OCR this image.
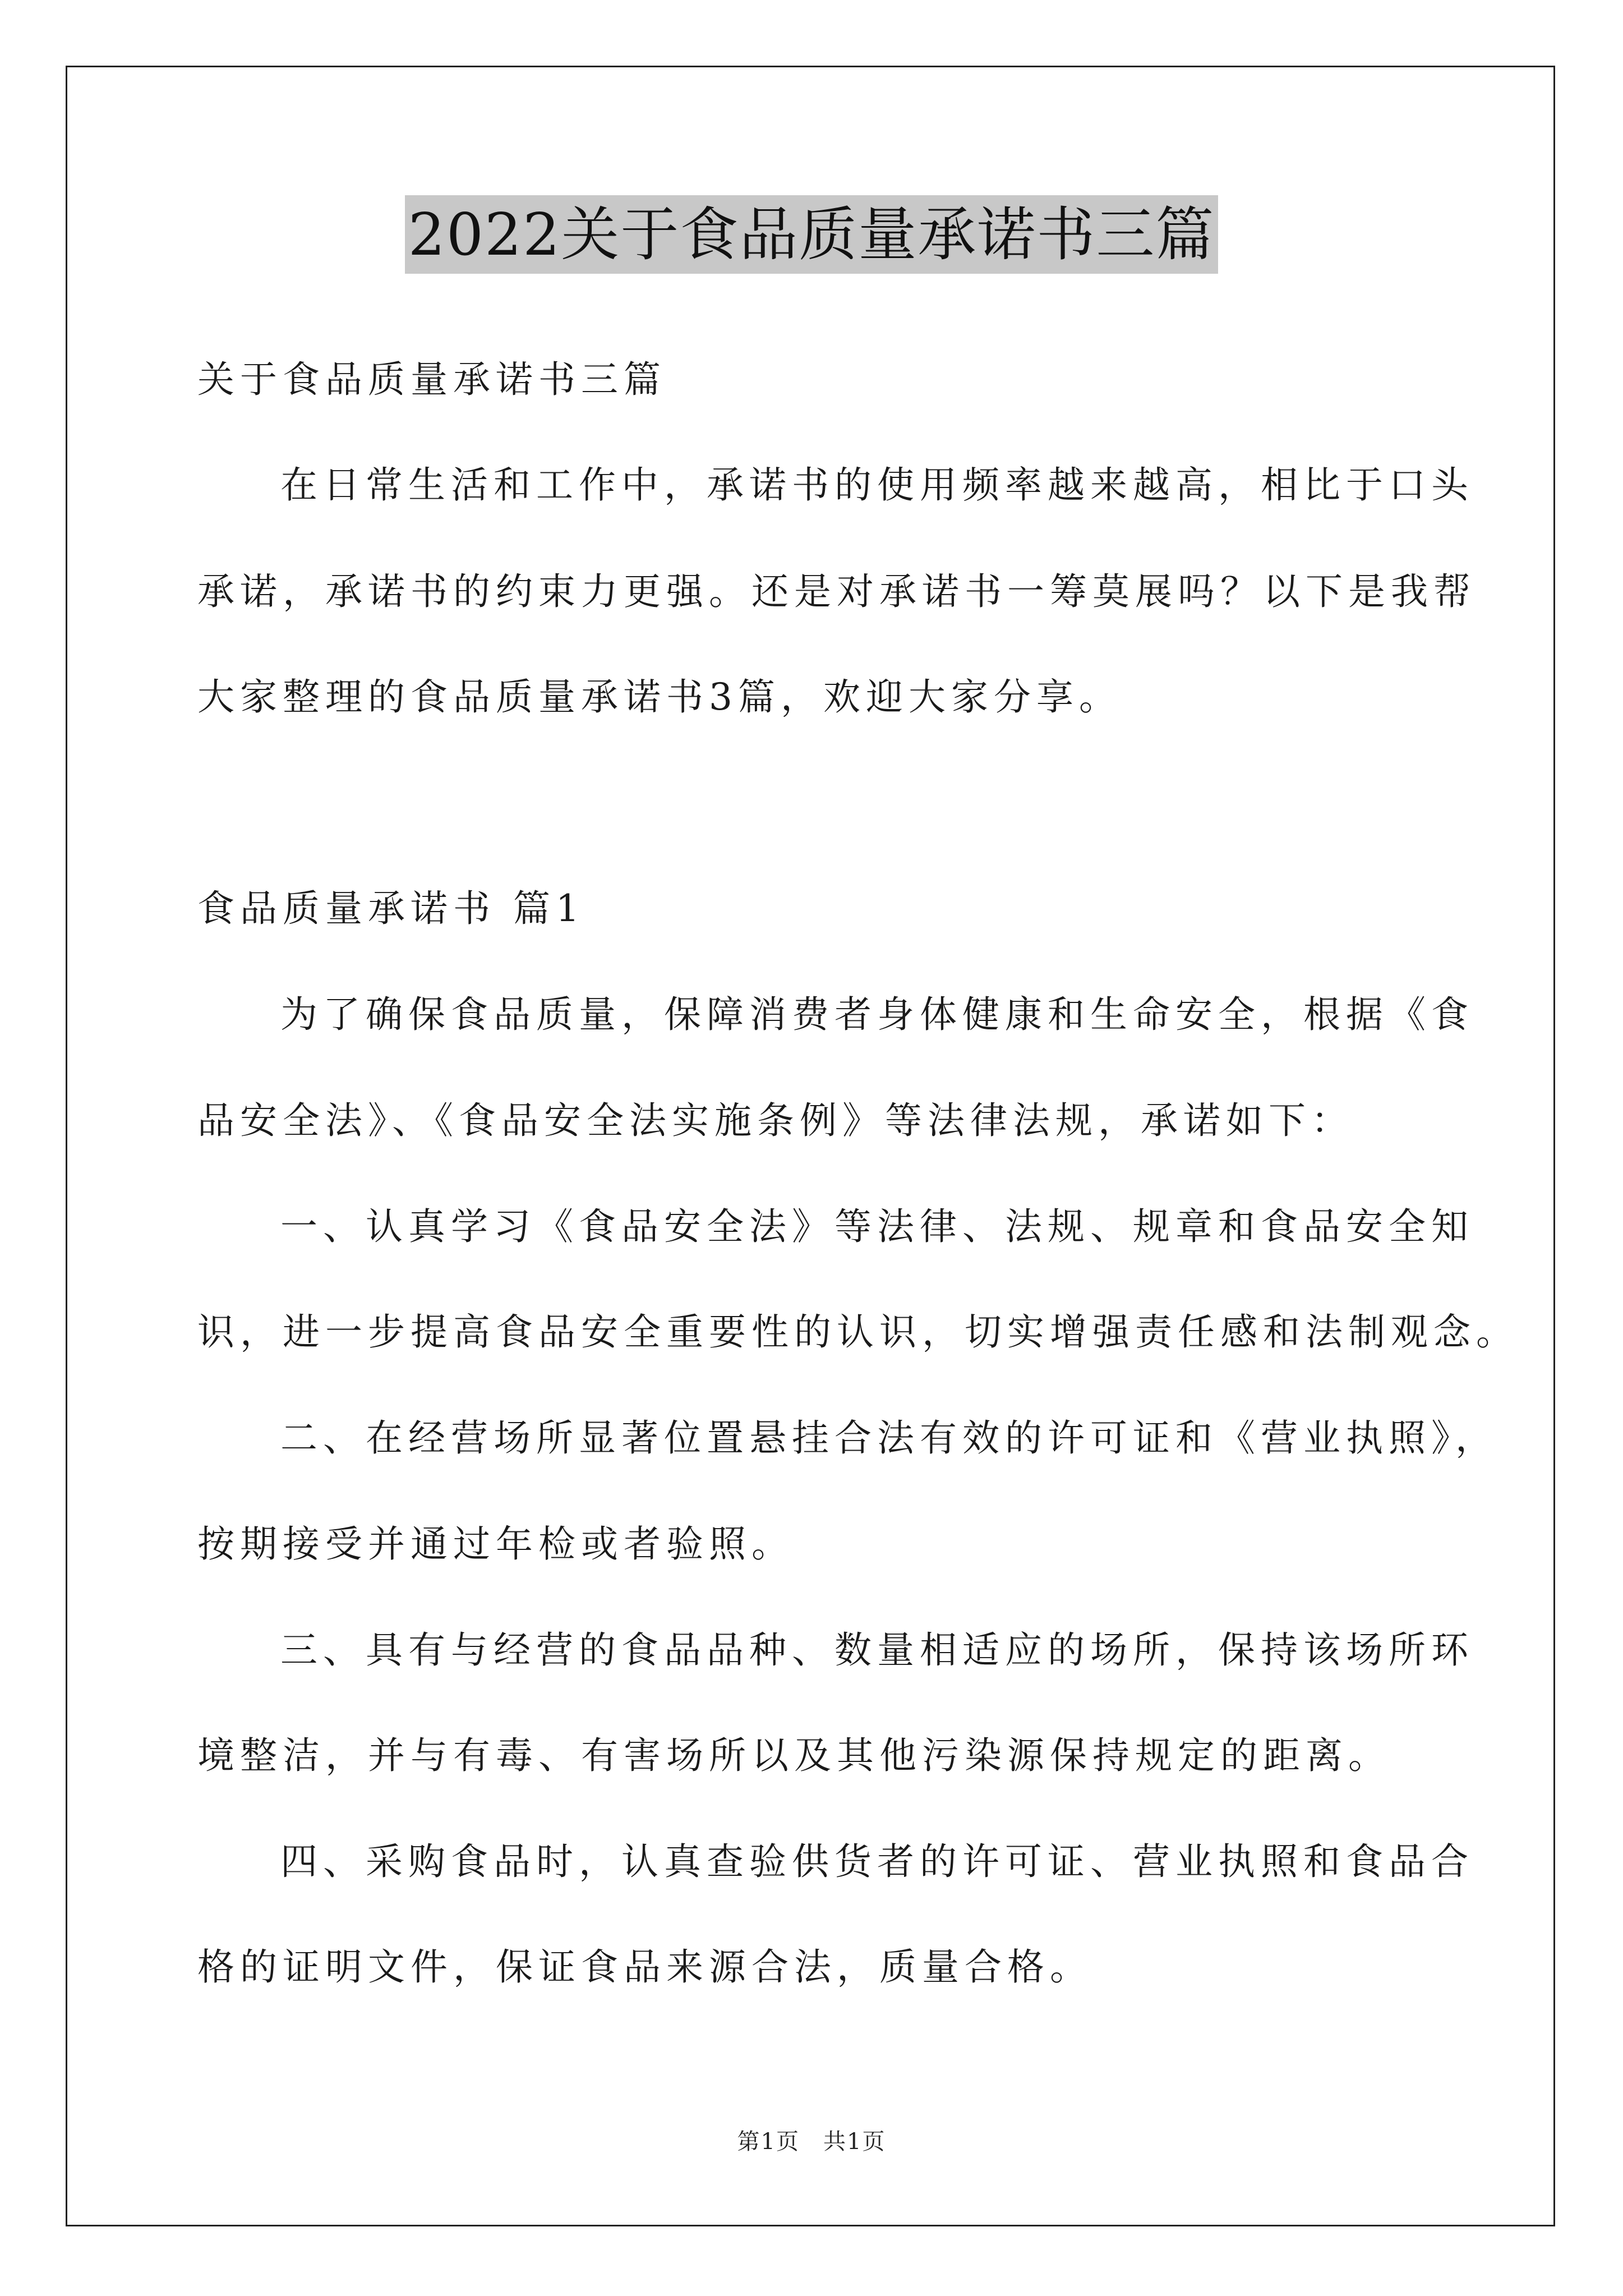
2022关于食品质量承诺书三篇
关于食品质量承诺书三篇
在日常生活和工作中，承诺书的使用频率越来越高，相比于口头
承诺，承诺书的约束力更强。还是对承诺书一筹莫展吗？以下是我帮
大家整理的食品质量承诺书3篇，欢迎大家分享。
食品质量承诺书 篇1
为了确保食品质量，保障消费者身体健康和生命安全，根据《食
品安全法》、《食品安全法实施条例》等法律法规，承诺如下：
一、认真学习《食品安全法》等法律、法规、规章和食品安全知
识，进一步提高食品安全重要性的认识，切实增强责任感和法制观念。
二、在经营场所显著位置悬挂合法有效的许可证和《营业执照》，
按期接受并通过年检或者验照。
三、具有与经营的食品品种、数量相适应的场所，保持该场所环
境整洁，并与有毒、有害场所以及其他污染源保持规定的距离。
四、采购食品时，认真查验供货者的许可证、营业执照和食品合
格的证明文件，保证食品来源合法，质量合格。
第1页　共1页
